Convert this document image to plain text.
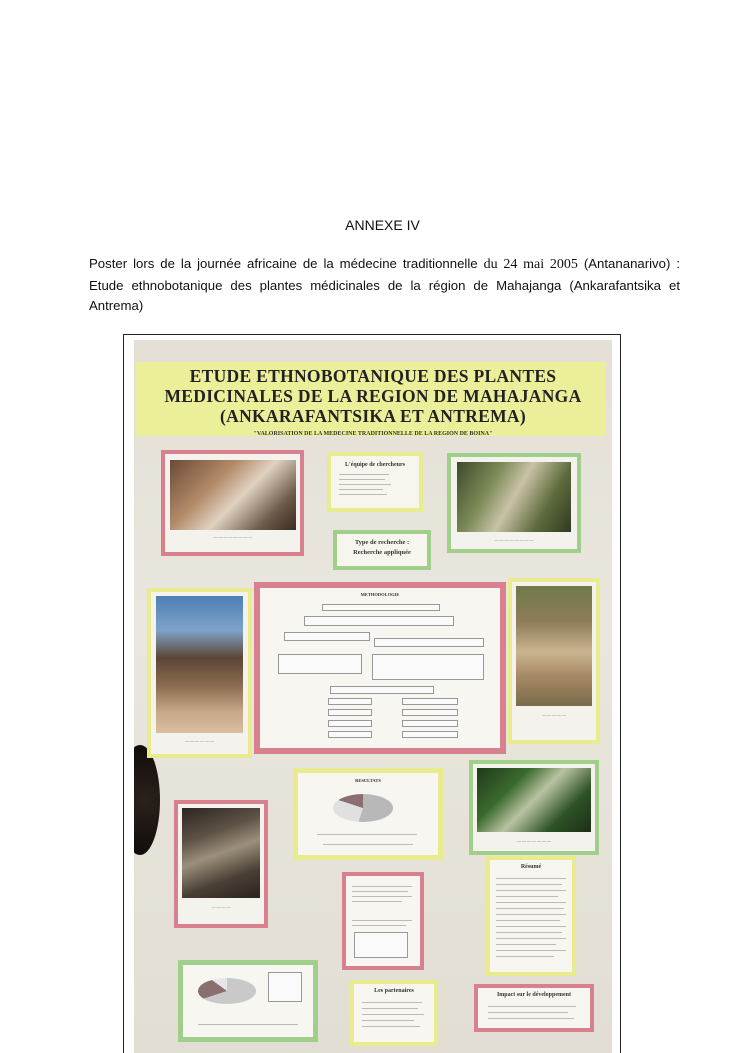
ANNEXE IV
Poster lors de la journée africaine de la médecine traditionnelle du 24 mai 2005 (Antananarivo) : Etude ethnobotanique des plantes médicinales de la région de Mahajanga (Ankarafantsika et Antrema)
ETUDE ETHNOBOTANIQUE DES PLANTES
MEDICINALES DE LA REGION DE MAHAJANGA
(ANKARAFANTSIKA ET ANTREMA)
"VALORISATION DE LA MEDECINE TRADITIONNELLE DE LA REGION DE BOINA"
— — — — — — — —
L'équipe de chercheurs
Type de recherche :
Recherche appliquée
— — — — — — — —
— — — — — —
METHODOLOGIE
— — — — —
RESULTATS
— — — — — — —
— — — —
Résumé
Les partenaires
Impact sur le développement
